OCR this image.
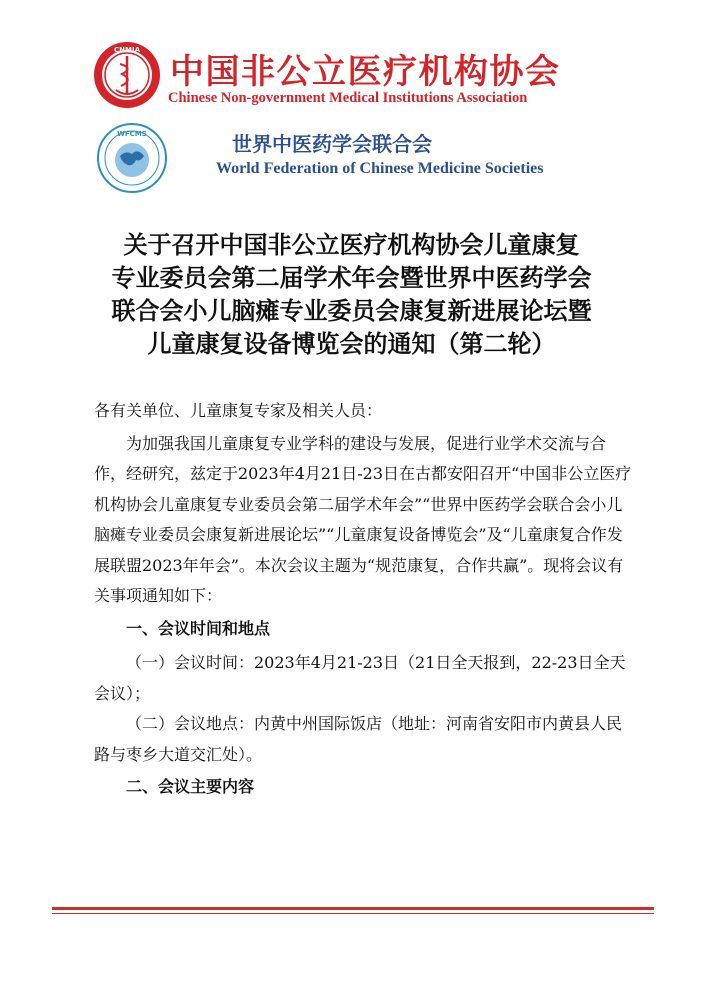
CNMIA
中国非公立医疗机构协会
Chinese Non-government Medical Institutions Association
WFCMS	世界中医药学会联合会
World Federation of Chinese Medicine Societies
关于召开中国非公立医疗机构协会儿童康复
专业委员会第二届学术年会暨世界中医药学会
联合会小儿脑瘫专业委员会康复新进展论坛暨
儿童康复设备博览会的通知（第二轮）

各有关单位、儿童康复专家及相关人员：

为加强我国儿童康复专业学科的建设与发展，促进行业学术交流与合作，经研究，兹定于2023年4月21日-23日在古都安阳召开“中国非公立医疗机构协会儿童康复专业委员会第二届学术年会”“世界中医药学会联合会小儿脑瘫专业委员会康复新进展论坛”“儿童康复设备博览会”及“儿童康复合作发展联盟2023年年会”。本次会议主题为“规范康复，合作共赢”。现将会议有关事项通知如下：

一、会议时间和地点

（一）会议时间：2023年4月21-23日（21日全天报到，22-23日全天会议）；

（二）会议地点：内黄中州国际饭店（地址：河南省安阳市内黄县人民路与枣乡大道交汇处）。

二、会议主要内容
